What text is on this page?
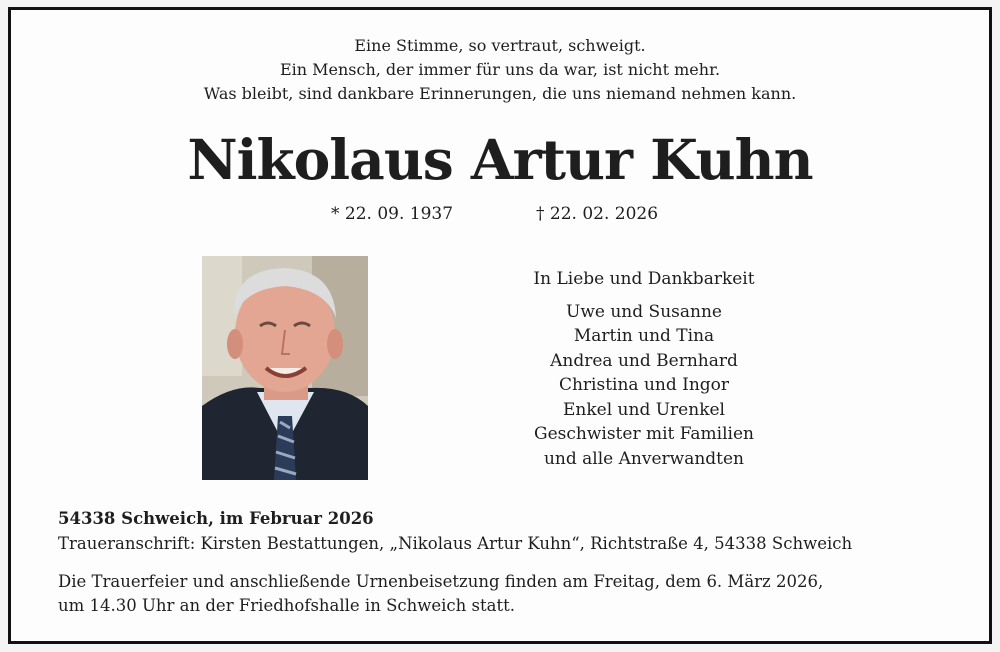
Eine Stimme, so vertraut, schweigt.
Ein Mensch, der immer für uns da war, ist nicht mehr.
Was bleibt, sind dankbare Erinnerungen, die uns niemand nehmen kann.
Nikolaus Artur Kuhn
* 22. 09. 1937	† 22. 02. 2026
In Liebe und Dankbarkeit
Uwe und Susanne
Martin und Tina
Andrea und Bernhard
Christina und Ingor
Enkel und Urenkel
Geschwister mit Familien
und alle Anverwandten
54338 Schweich, im Februar 2026
Traueranschrift: Kirsten Bestattungen, „Nikolaus Artur Kuhn“, Richtstraße 4, 54338 Schweich
Die Trauerfeier und anschließende Urnenbeisetzung finden am Freitag, dem 6. März 2026,
um 14.30 Uhr an der Friedhofshalle in Schweich statt.
